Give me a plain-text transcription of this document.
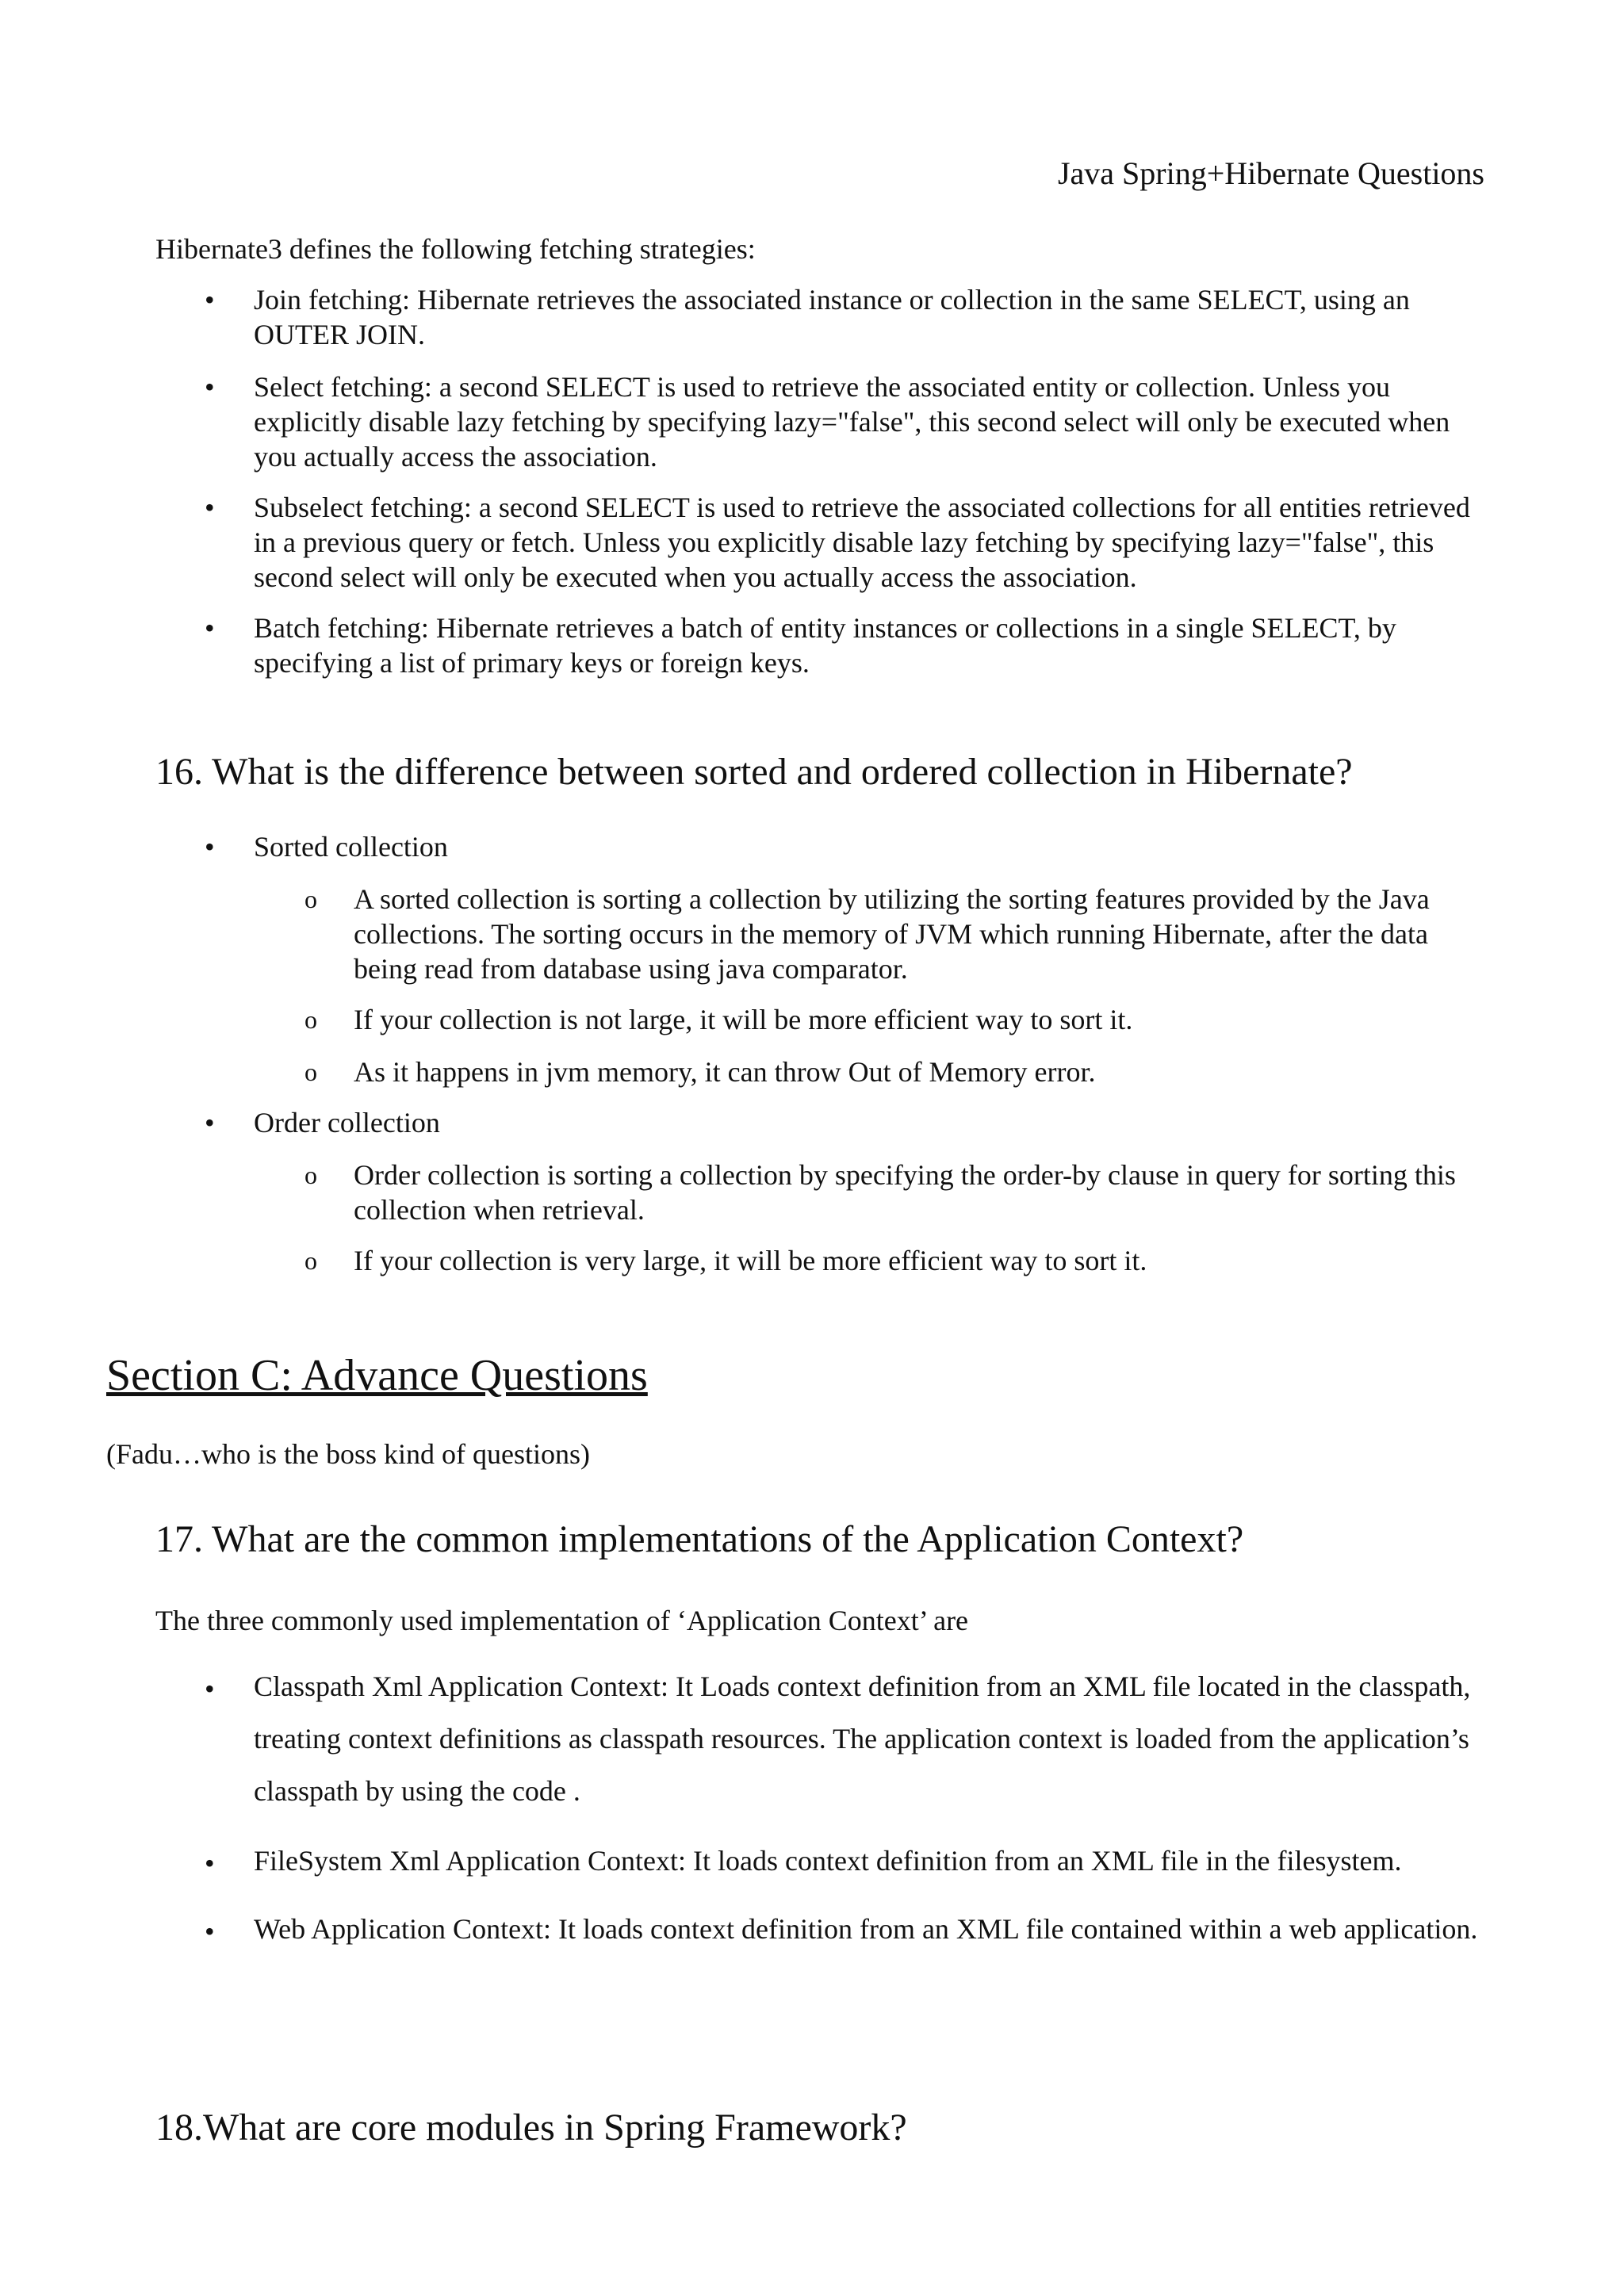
Java Spring+Hibernate Questions
Hibernate3 defines the following fetching strategies:
• Join fetching: Hibernate retrieves the associated instance or collection in the same SELECT, using an OUTER JOIN.
• Select fetching: a second SELECT is used to retrieve the associated entity or collection. Unless you explicitly disable lazy fetching by specifying lazy="false", this second select will only be executed when you actually access the association.
• Subselect fetching: a second SELECT is used to retrieve the associated collections for all entities retrieved in a previous query or fetch. Unless you explicitly disable lazy fetching by specifying lazy="false", this second select will only be executed when you actually access the association.
• Batch fetching: Hibernate retrieves a batch of entity instances or collections in a single SELECT, by specifying a list of primary keys or foreign keys.
16. What is the difference between sorted and ordered collection in Hibernate?
• Sorted collection
o A sorted collection is sorting a collection by utilizing the sorting features provided by the Java collections. The sorting occurs in the memory of JVM which running Hibernate, after the data being read from database using java comparator.
o If your collection is not large, it will be more efficient way to sort it.
o As it happens in jvm memory, it can throw Out of Memory error.
• Order collection
o Order collection is sorting a collection by specifying the order-by clause in query for sorting this collection when retrieval.
o If your collection is very large, it will be more efficient way to sort it.
Section C: Advance Questions
(Fadu…who is the boss kind of questions)
17. What are the common implementations of the Application Context?
The three commonly used implementation of ‘Application Context’ are
• Classpath Xml Application Context: It Loads context definition from an XML file located in the classpath, treating context definitions as classpath resources. The application context is loaded from the application’s classpath by using the code .
• FileSystem Xml Application Context: It loads context definition from an XML file in the filesystem.
• Web Application Context: It loads context definition from an XML file contained within a web application.
18.What are core modules in Spring Framework?
